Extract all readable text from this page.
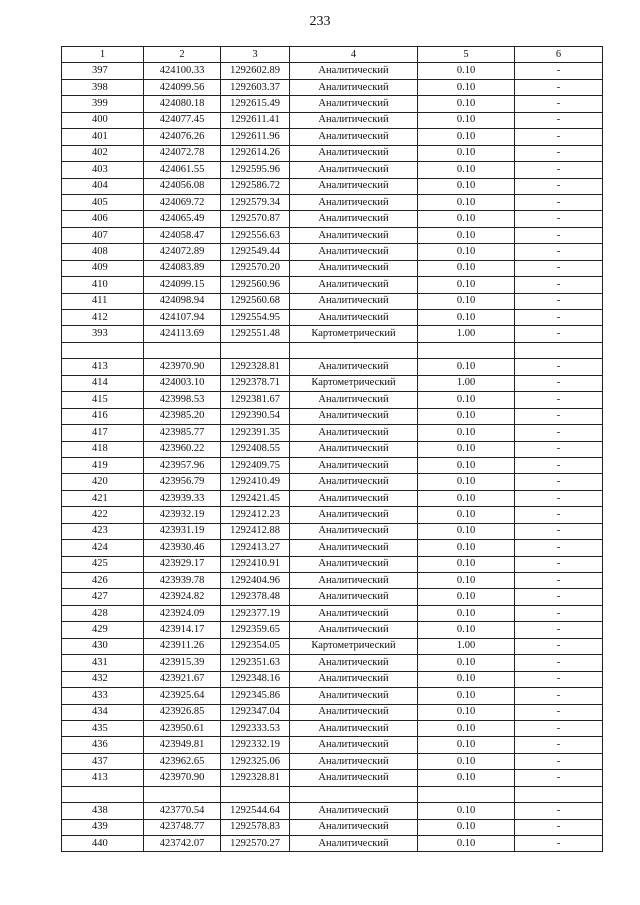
233
1	2	3	4	5	6
397	424100.33	1292602.89	Аналитический	0.10	-
398	424099.56	1292603.37	Аналитический	0.10	-
399	424080.18	1292615.49	Аналитический	0.10	-
400	424077.45	1292611.41	Аналитический	0.10	-
401	424076.26	1292611.96	Аналитический	0.10	-
402	424072.78	1292614.26	Аналитический	0.10	-
403	424061.55	1292595.96	Аналитический	0.10	-
404	424056.08	1292586.72	Аналитический	0.10	-
405	424069.72	1292579.34	Аналитический	0.10	-
406	424065.49	1292570.87	Аналитический	0.10	-
407	424058.47	1292556.63	Аналитический	0.10	-
408	424072.89	1292549.44	Аналитический	0.10	-
409	424083.89	1292570.20	Аналитический	0.10	-
410	424099.15	1292560.96	Аналитический	0.10	-
411	424098.94	1292560.68	Аналитический	0.10	-
412	424107.94	1292554.95	Аналитический	0.10	-
393	424113.69	1292551.48	Картометрический	1.00	-

413	423970.90	1292328.81	Аналитический	0.10	-
414	424003.10	1292378.71	Картометрический	1.00	-
415	423998.53	1292381.67	Аналитический	0.10	-
416	423985.20	1292390.54	Аналитический	0.10	-
417	423985.77	1292391.35	Аналитический	0.10	-
418	423960.22	1292408.55	Аналитический	0.10	-
419	423957.96	1292409.75	Аналитический	0.10	-
420	423956.79	1292410.49	Аналитический	0.10	-
421	423939.33	1292421.45	Аналитический	0.10	-
422	423932.19	1292412.23	Аналитический	0.10	-
423	423931.19	1292412.88	Аналитический	0.10	-
424	423930.46	1292413.27	Аналитический	0.10	-
425	423929.17	1292410.91	Аналитический	0.10	-
426	423939.78	1292404.96	Аналитический	0.10	-
427	423924.82	1292378.48	Аналитический	0.10	-
428	423924.09	1292377.19	Аналитический	0.10	-
429	423914.17	1292359.65	Аналитический	0.10	-
430	423911.26	1292354.05	Картометрический	1.00	-
431	423915.39	1292351.63	Аналитический	0.10	-
432	423921.67	1292348.16	Аналитический	0.10	-
433	423925.64	1292345.86	Аналитический	0.10	-
434	423926.85	1292347.04	Аналитический	0.10	-
435	423950.61	1292333.53	Аналитический	0.10	-
436	423949.81	1292332.19	Аналитический	0.10	-
437	423962.65	1292325.06	Аналитический	0.10	-
413	423970.90	1292328.81	Аналитический	0.10	-

438	423770.54	1292544.64	Аналитический	0.10	-
439	423748.77	1292578.83	Аналитический	0.10	-
440	423742.07	1292570.27	Аналитический	0.10	-
